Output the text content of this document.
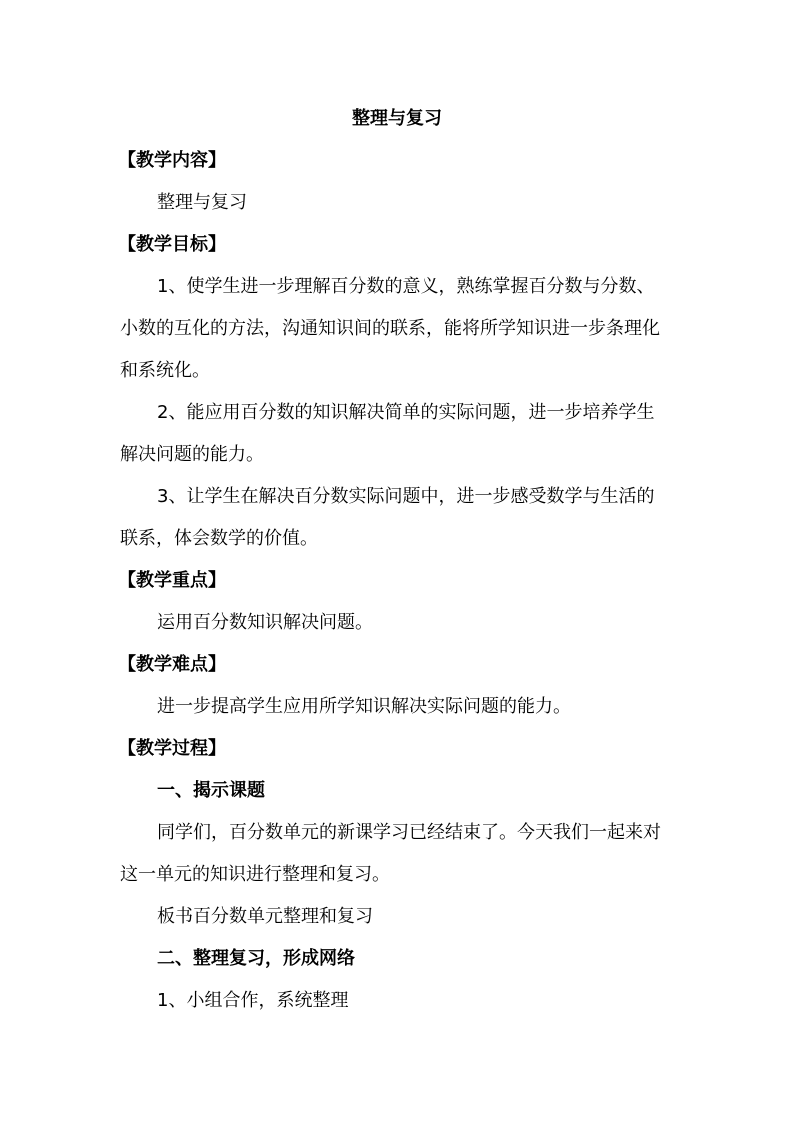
整理与复习
【教学内容】
整理与复习
【教学目标】
1、使学生进一步理解百分数的意义，熟练掌握百分数与分数、
小数的互化的方法，沟通知识间的联系，能将所学知识进一步条理化
和系统化。
2、能应用百分数的知识解决简单的实际问题，进一步培养学生
解决问题的能力。
3、让学生在解决百分数实际问题中，进一步感受数学与生活的
联系，体会数学的价值。
【教学重点】
运用百分数知识解决问题。
【教学难点】
进一步提高学生应用所学知识解决实际问题的能力。
【教学过程】
一、揭示课题
同学们，百分数单元的新课学习已经结束了。今天我们一起来对
这一单元的知识进行整理和复习。
板书百分数单元整理和复习
二、整理复习，形成网络
1、小组合作，系统整理
